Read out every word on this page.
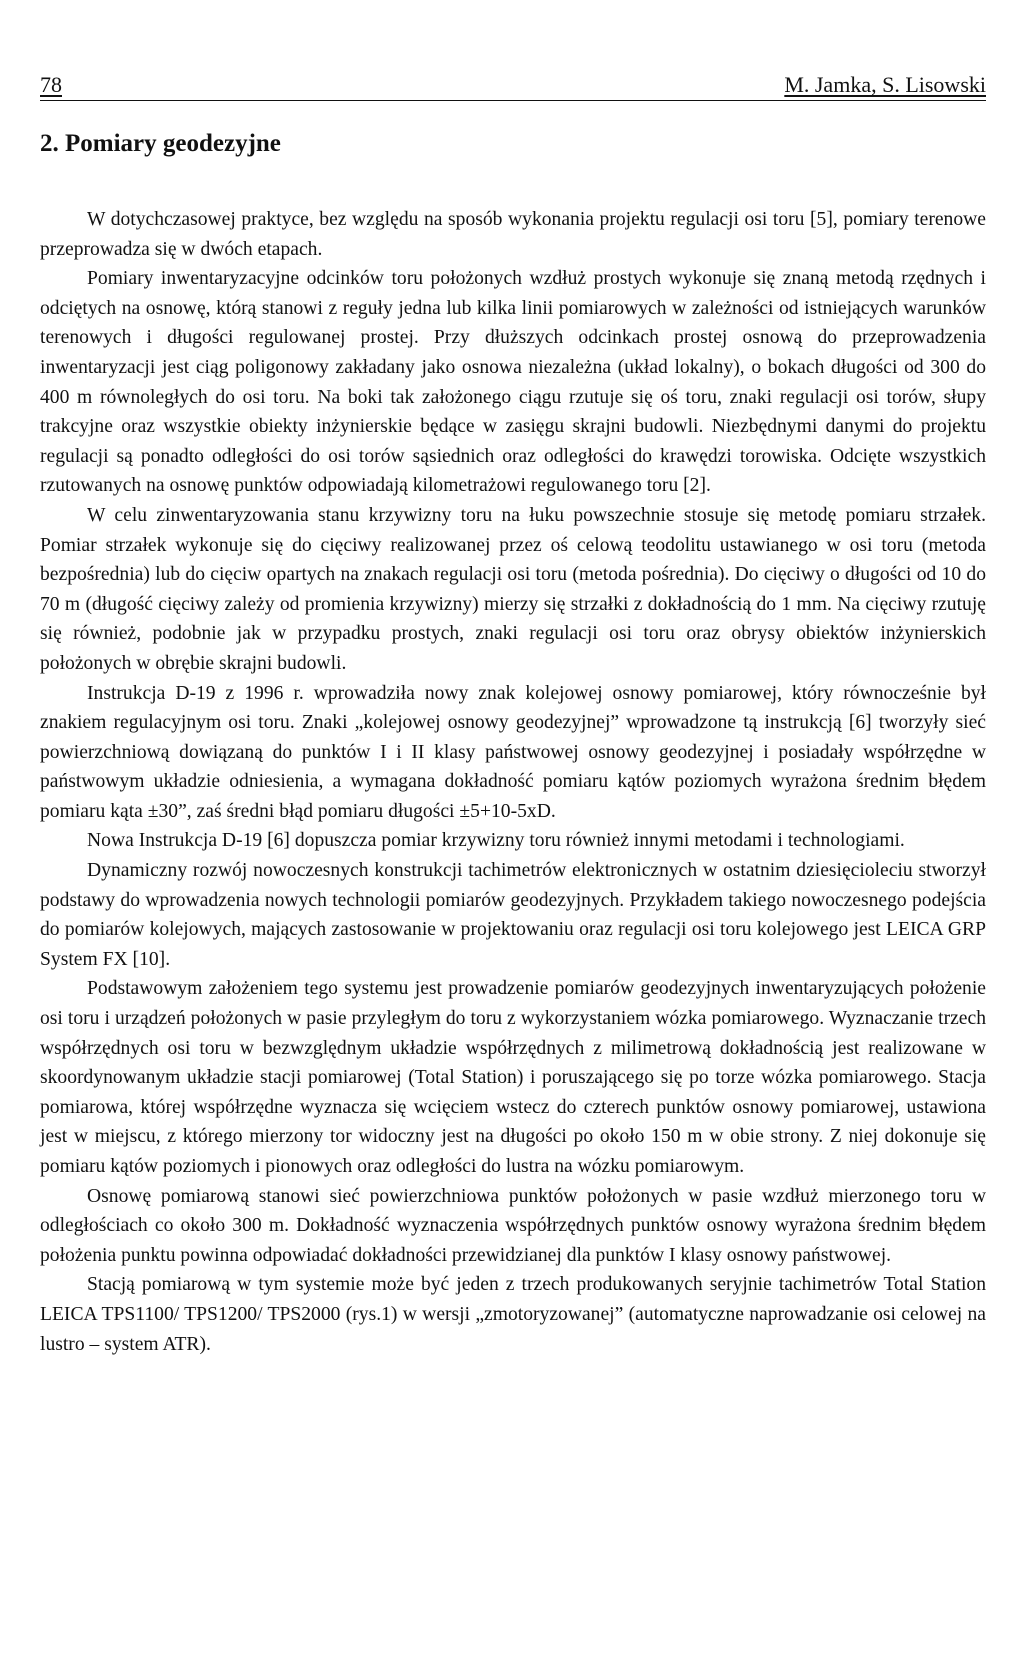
78	M. Jamka, S. Lisowski
2. Pomiary geodezyjne

W dotychczasowej praktyce, bez względu na sposób wykonania projektu regulacji osi toru [5], pomiary terenowe przeprowadza się w dwóch etapach.

Pomiary inwentaryzacyjne odcinków toru położonych wzdłuż prostych wykonuje się znaną metodą rzędnych i odciętych na osnowę, którą stanowi z reguły jedna lub kilka linii pomiarowych w zależności od istniejących warunków terenowych i długości regulowanej prostej. Przy dłuższych odcinkach prostej osnową do przeprowadzenia inwentaryzacji jest ciąg poligonowy zakładany jako osnowa niezależna (układ lokalny), o bokach długości od 300 do 400 m równoległych do osi toru. Na boki tak założonego ciągu rzutuje się oś toru, znaki regulacji osi torów, słupy trakcyjne oraz wszystkie obiekty inżynierskie będące w zasięgu skrajni budowli. Niezbędnymi danymi do projektu regulacji są ponadto odległości do osi torów sąsiednich oraz odległości do krawędzi torowiska. Odcięte wszystkich rzutowanych na osnowę punktów odpowiadają kilometrażowi regulowanego toru [2].

W celu zinwentaryzowania stanu krzywizny toru na łuku powszechnie stosuje się metodę pomiaru strzałek. Pomiar strzałek wykonuje się do cięciwy realizowanej przez oś celową teodolitu ustawianego w osi toru (metoda bezpośrednia) lub do cięciw opartych na znakach regulacji osi toru (metoda pośrednia). Do cięciwy o długości od 10 do 70 m (długość cięciwy zależy od promienia krzywizny) mierzy się strzałki z dokładnością do 1 mm. Na cięciwy rzutuję się również, podobnie jak w przypadku prostych, znaki regulacji osi toru oraz obrysy obiektów inżynierskich położonych w obrębie skrajni budowli.

Instrukcja D-19 z 1996 r. wprowadziła nowy znak kolejowej osnowy pomiarowej, który równocześnie był znakiem regulacyjnym osi toru. Znaki „kolejowej osnowy geodezyjnej” wprowadzone tą instrukcją [6] tworzyły sieć powierzchniową dowiązaną do punktów I i II klasy państwowej osnowy geodezyjnej i posiadały współrzędne w państwowym układzie odniesienia, a wymagana dokładność pomiaru kątów poziomych wyrażona średnim błędem pomiaru kąta ±30”, zaś średni błąd pomiaru długości ±5+10-5xD.

Nowa Instrukcja D-19 [6] dopuszcza pomiar krzywizny toru również innymi metodami i technologiami.

Dynamiczny rozwój nowoczesnych konstrukcji tachimetrów elektronicznych w ostatnim dziesięcioleciu stworzył podstawy do wprowadzenia nowych technologii pomiarów geodezyjnych. Przykładem takiego nowoczesnego podejścia do pomiarów kolejowych, mających zastosowanie w projektowaniu oraz regulacji osi toru kolejowego jest LEICA GRP System FX [10].

Podstawowym założeniem tego systemu jest prowadzenie pomiarów geodezyjnych inwentaryzujących położenie osi toru i urządzeń położonych w pasie przyległym do toru z wykorzystaniem wózka pomiarowego. Wyznaczanie trzech współrzędnych osi toru w bezwzględnym układzie współrzędnych z milimetrową dokładnością jest realizowane w skoordynowanym układzie stacji pomiarowej (Total Station) i poruszającego się po torze wózka pomiarowego. Stacja pomiarowa, której współrzędne wyznacza się wcięciem wstecz do czterech punktów osnowy pomiarowej, ustawiona jest w miejscu, z którego mierzony tor widoczny jest na długości po około 150 m w obie strony. Z niej dokonuje się pomiaru kątów poziomych i pionowych oraz odległości do lustra na wózku pomiarowym.

Osnowę pomiarową stanowi sieć powierzchniowa punktów położonych w pasie wzdłuż mierzonego toru w odległościach co około 300 m. Dokładność wyznaczenia współrzędnych punktów osnowy wyrażona średnim błędem położenia punktu powinna odpowiadać dokładności przewidzianej dla punktów I klasy osnowy państwowej.

Stacją pomiarową w tym systemie może być jeden z trzech produkowanych seryjnie tachimetrów Total Station LEICA TPS1100/ TPS1200/ TPS2000 (rys.1) w wersji „zmotoryzowanej” (automatyczne naprowadzanie osi celowej na lustro – system ATR).
